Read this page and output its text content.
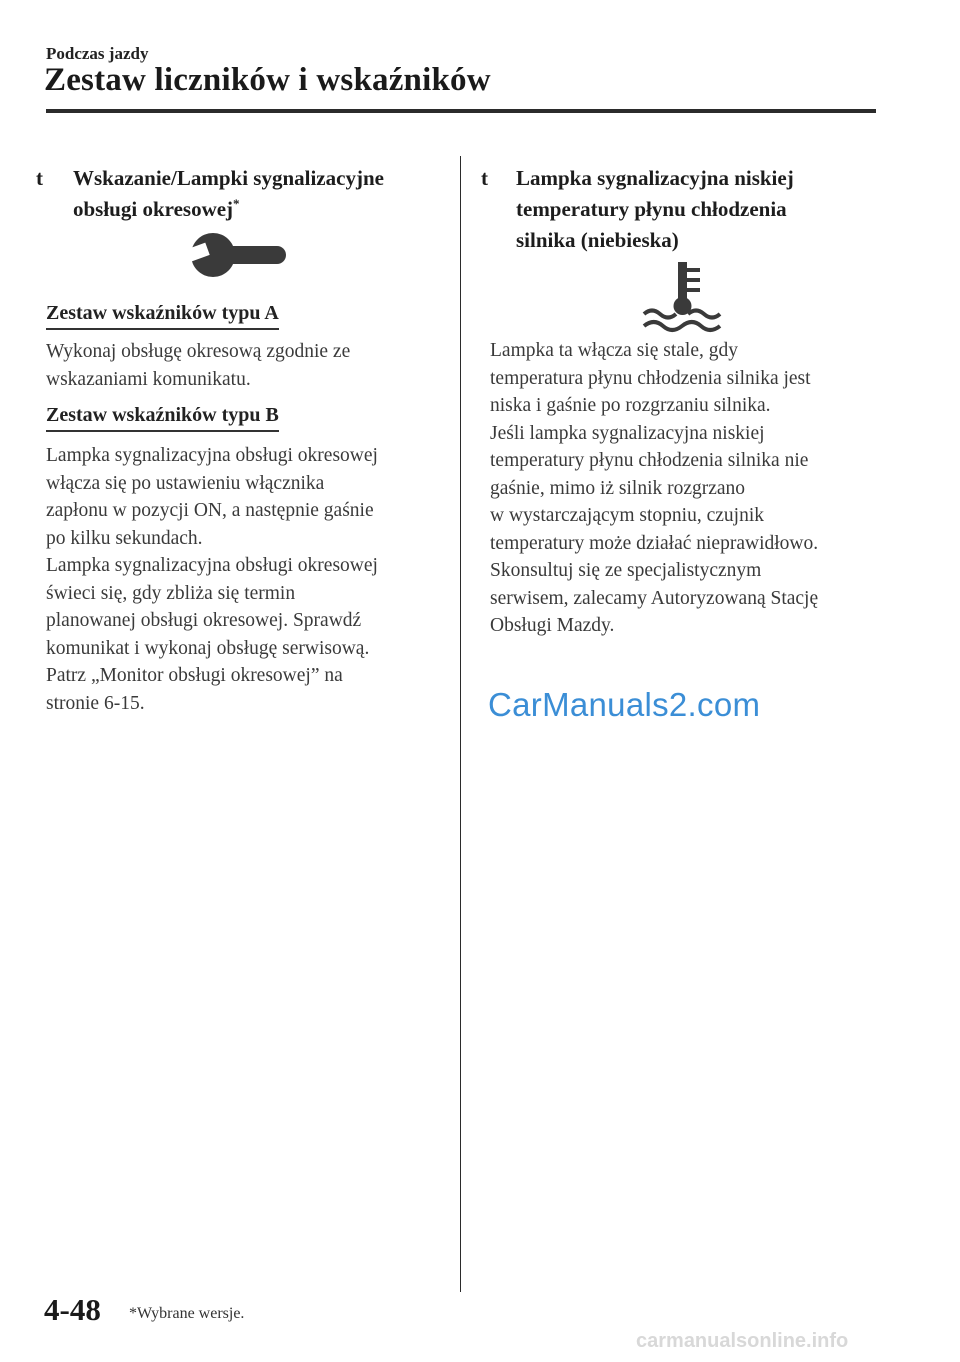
Podczas jazdy
Zestaw liczników i wskaźników
t Wskazanie/Lampki sygnalizacyjne
obsługi okresowej*
Zestaw wskaźników typu A
Wykonaj obsługę okresową zgodnie ze
wskazaniami komunikatu.
Zestaw wskaźników typu B
Lampka sygnalizacyjna obsługi okresowej
włącza się po ustawieniu włącznika
zapłonu w pozycji ON, a następnie gaśnie
po kilku sekundach.
Lampka sygnalizacyjna obsługi okresowej
świeci się, gdy zbliża się termin
planowanej obsługi okresowej. Sprawdź
komunikat i wykonaj obsługę serwisową.
Patrz „Monitor obsługi okresowej” na
stronie 6-15.
t Lampka sygnalizacyjna niskiej
temperatury płynu chłodzenia
silnika (niebieska)
Lampka ta włącza się stale, gdy
temperatura płynu chłodzenia silnika jest
niska i gaśnie po rozgrzaniu silnika.
Jeśli lampka sygnalizacyjna niskiej
temperatury płynu chłodzenia silnika nie
gaśnie, mimo iż silnik rozgrzano
w wystarczającym stopniu, czujnik
temperatury może działać nieprawidłowo.
Skonsultuj się ze specjalistycznym
serwisem, zalecamy Autoryzowaną Stację
Obsługi Mazdy.
CarManuals2.com
4-48 *Wybrane wersje.
carmanualsonline.info
